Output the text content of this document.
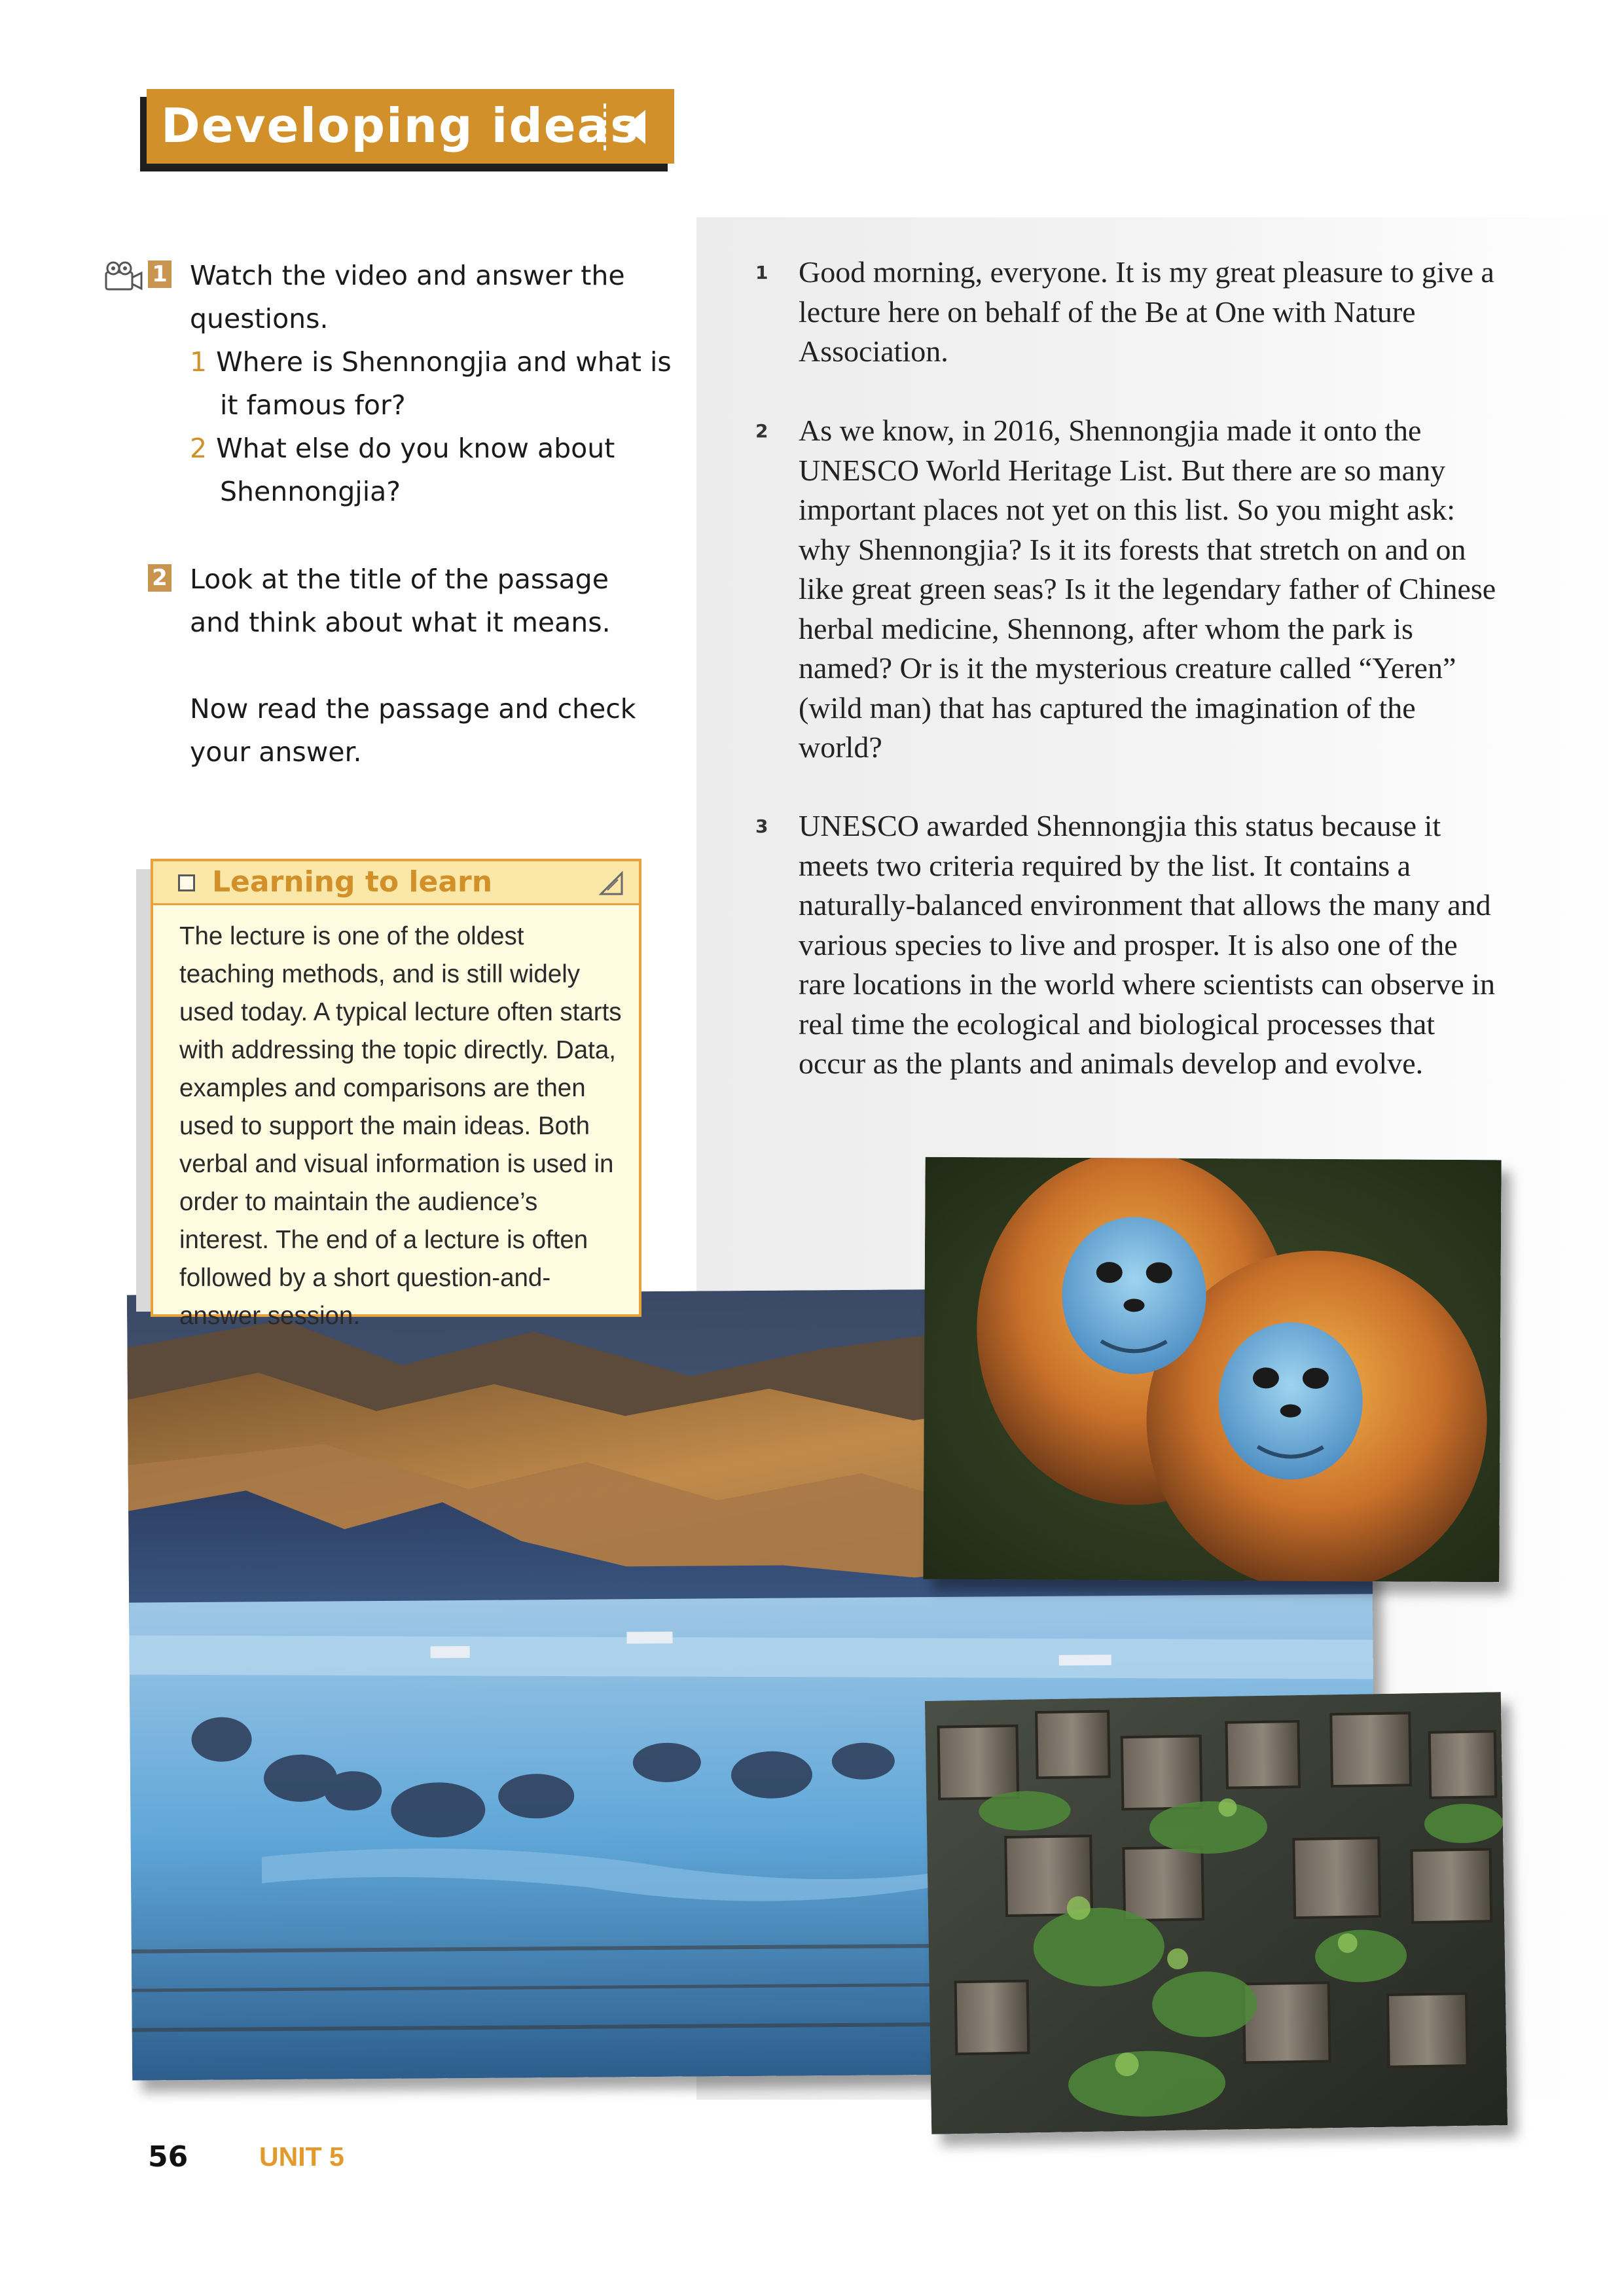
Developing ideas
1 Watch the video and answer the

questions.

1 Where is Shennongjia and what is

it famous for?

2 What else do you know about

Shennongjia?

2 Look at the title of the passage

and think about what it means.

Now read the passage and check

your answer.

1 Good morning, everyone. It is my great pleasure to give a lecture here on behalf of the Be at One with Nature Association.

2 As we know, in 2016, Shennongjia made it onto the UNESCO World Heritage List. But there are so many important places not yet on this list. So you might ask: why Shennongjia? Is it its forests that stretch on and on like great green seas? Is it the legendary father of Chinese herbal medicine, Shennong, after whom the park is named? Or is it the mysterious creature called “Yeren” (wild man) that has captured the imagination of the world?

3 UNESCO awarded Shennongjia this status because it meets two criteria required by the list. It contains a naturally-balanced environment that allows the many and various species to live and prosper. It is also one of the rare locations in the world where scientists can observe in real time the ecological and biological processes that occur as the plants and animals develop and evolve.

Learning to learn

The lecture is one of the oldest teaching methods, and is still widely used today. A typical lecture often starts with addressing the topic directly. Data, examples and comparisons are then used to support the main ideas. Both verbal and visual information is used in order to maintain the audience’s interest. The end of a lecture is often followed by a short question-and-answer session.

56	UNIT 5
